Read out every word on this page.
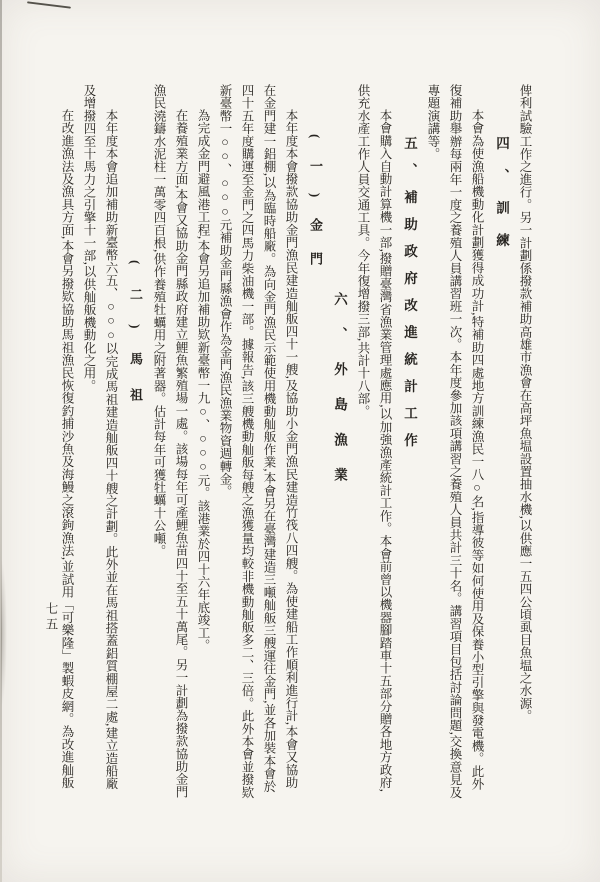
俾利試驗工作之進行。另一計劃係撥款補助高雄市漁會在高坪魚塭設置抽水機,以供應一五四公頃虱目魚塭之水源。

四、訓練

本會為使漁船機動化計劃獲得成功計,特補助四處地方訓練漁民一八○名,指導彼等如何使用及保養小型引擎與發電機。此外復補助舉辦每兩年一度之養殖人員講習班一次。本年度參加該項講習之養殖人員共計三十名。講習項目包括討論問題,交換意見及專題演講等。

五、補助政府改進統計工作

本會購入自動計算機一部,撥贈臺灣省漁業管理處應用,以加強漁產統計工作。本會前曾以機器腳踏車十五部分贈各地方政府,供充水產工作人員交通工具。今年復增撥三部,共計十八部。

六、外島漁業

(一)金門

本年度本會撥款協助金門漁民建造舢舨四十一艘,及協助小金門漁民建造竹筏八四艘。為使建船工作順利進行計,本會又協助在金門建一鋁棚,以為臨時船廠。為向金門漁民示範使用機動舢舨作業,本會另在臺灣建造三噸舢舨三艘運往金門,並各加裝本會於四十五年度購運至金門之四馬力柴油機一部。據報告,該三艘機動舢舨每艘之漁獲量均較非機動舢舨多二、三倍。此外本會並撥欵新臺幣一○○、○○○元補助金門縣漁會作為金門漁民漁業物資週轉金。

為完成金門避風港工程,本會另追加補助欵新臺幣一九○、○○○元。該港業於四十六年底竣工。

在養殖業方面,本會又協助金門縣政府建立鯉魚繁殖場一處。該場每年可產鯉魚苗四十至五十萬尾。另一計劃為撥款協助金門漁民澆鑄水泥柱一萬零四百根,供作養殖牡蠣用之附著器。估計每年可獲牡蠣十公噸。

(二)馬祖

本年度本會追加補助新臺幣六五、○○○以完成馬祖建造舢舨四十艘之計劃。此外並在馬祖搭蓋鋁質棚屋二處,建立造船廠及增撥四至十馬力之引擎十一部,以供舢舨機動化之用。

在改進漁法及漁具方面,本會另撥欵協助馬祖漁民恢復釣捕沙魚及海鰻之滾鉤漁法,並試用「可樂隆」製蝦皮網。為改進舢舨

七五
